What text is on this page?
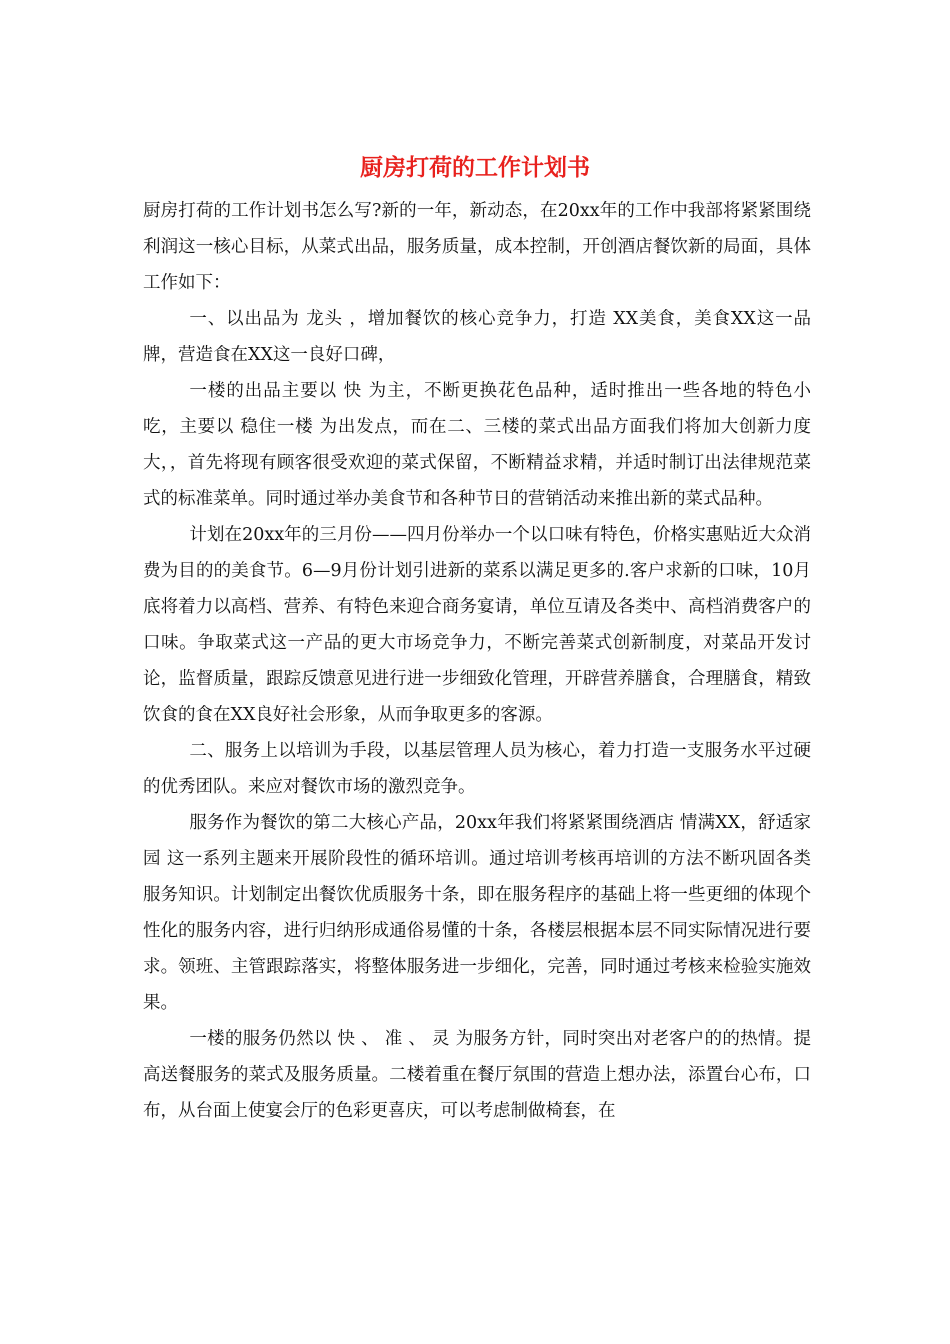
厨房打荷的工作计划书

厨房打荷的工作计划书怎么写?新的一年，新动态，在20xx年的工作中我部将紧紧围绕利润这一核心目标，从菜式出品，服务质量，成本控制，开创酒店餐饮新的局面，具体工作如下：

一、以出品为 龙头 ，增加餐饮的核心竞争力，打造 XX美食，美食XX这一品牌，营造食在XX这一良好口碑，

一楼的出品主要以 快 为主，不断更换花色品种，适时推出一些各地的特色小吃，主要以 稳住一楼 为出发点，而在二、三楼的菜式出品方面我们将加大创新力度大，，首先将现有顾客很受欢迎的菜式保留，不断精益求精，并适时制订出法律规范菜式的标准菜单。同时通过举办美食节和各种节日的营销活动来推出新的菜式品种。

计划在20xx年的三月份——四月份举办一个以口味有特色，价格实惠贴近大众消费为目的的美食节。6—9月份计划引进新的菜系以满足更多的.客户求新的口味，10月底将着力以高档、营养、有特色来迎合商务宴请，单位互请及各类中、高档消费客户的口味。争取菜式这一产品的更大市场竞争力，不断完善菜式创新制度，对菜品开发讨论，监督质量，跟踪反馈意见进行进一步细致化管理，开辟营养膳食，合理膳食，精致饮食的食在XX良好社会形象，从而争取更多的客源。

二、服务上以培训为手段，以基层管理人员为核心，着力打造一支服务水平过硬的优秀团队。来应对餐饮市场的激烈竞争。

服务作为餐饮的第二大核心产品，20xx年我们将紧紧围绕酒店 情满XX，舒适家园 这一系列主题来开展阶段性的循环培训。通过培训考核再培训的方法不断巩固各类服务知识。计划制定出餐饮优质服务十条，即在服务程序的基础上将一些更细的体现个性化的服务内容，进行归纳形成通俗易懂的十条，各楼层根据本层不同实际情况进行要求。领班、主管跟踪落实，将整体服务进一步细化，完善，同时通过考核来检验实施效果。

一楼的服务仍然以 快 、 准 、 灵 为服务方针，同时突出对老客户的的热情。提高送餐服务的菜式及服务质量。二楼着重在餐厅氛围的营造上想办法，添置台心布，口布，从台面上使宴会厅的色彩更喜庆，可以考虑制做椅套，在
